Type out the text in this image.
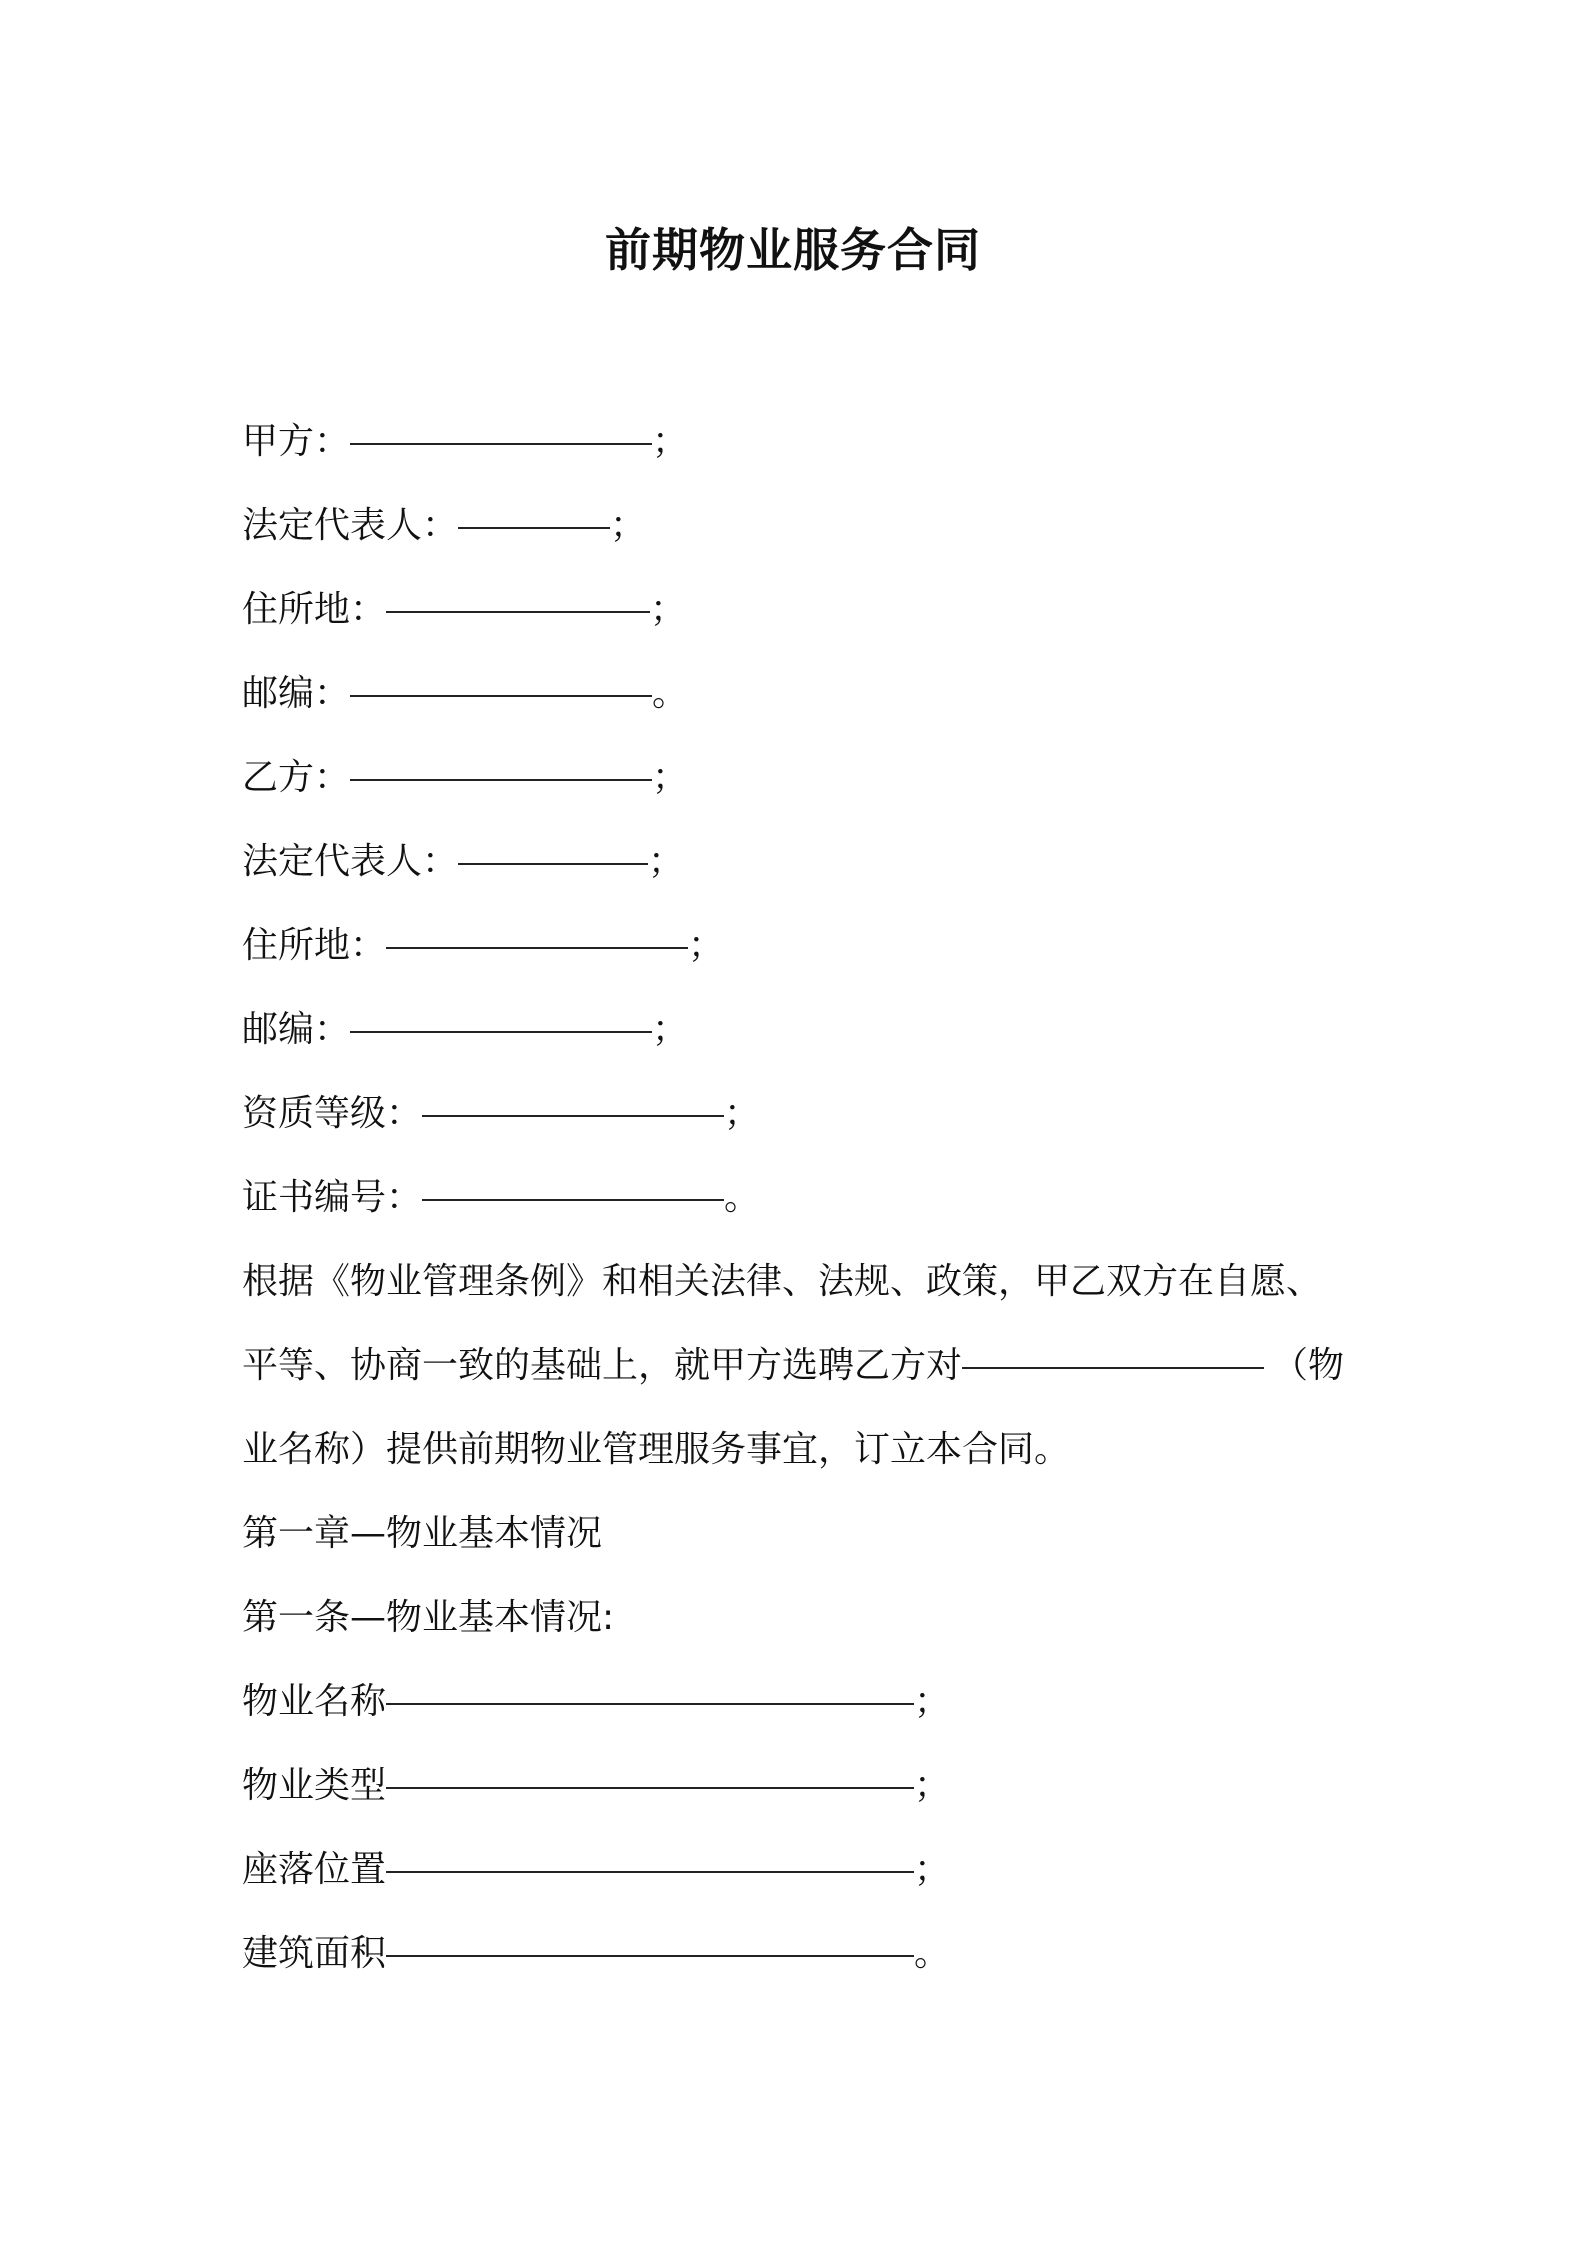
前期物业服务合同
甲方：	；
法定代表人：	；
住所地：	；
邮编：	。
乙方：	；
法定代表人：	；
住所地：	；
邮编：	；
资质等级：	；
证书编号：	。
根据《物业管理条例》和相关法律、法规、政策，甲乙双方在自愿、
平等、协商一致的基础上，就甲方选聘乙方对	（物
业名称）提供前期物业管理服务事宜，订立本合同。
第一章—物业基本情况
第一条—物业基本情况:
物业名称	；
物业类型	；
座落位置	；
建筑面积	。
